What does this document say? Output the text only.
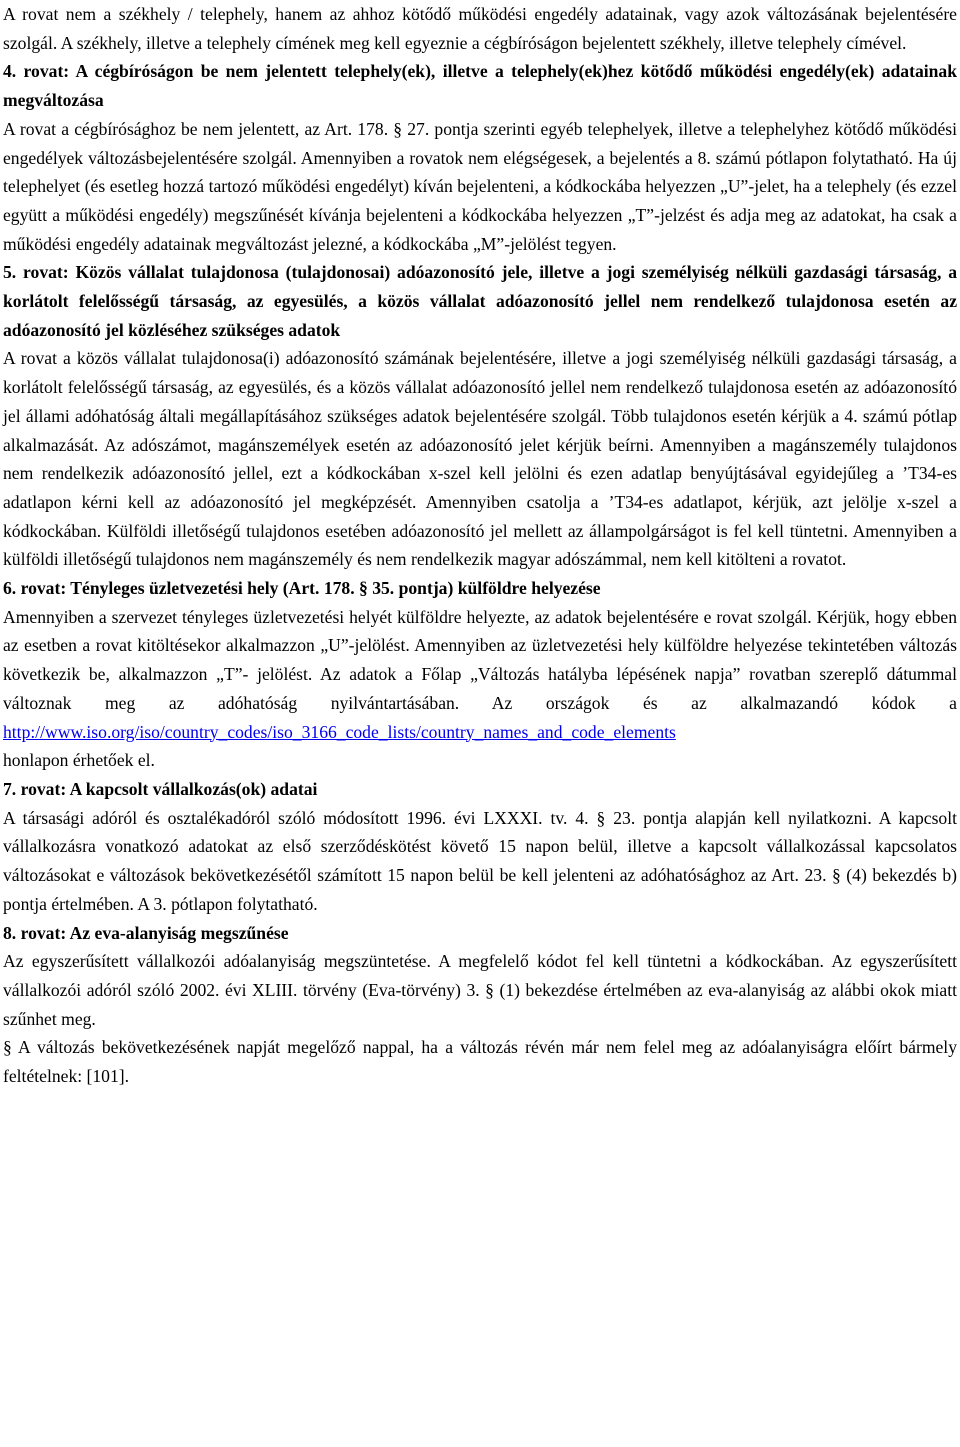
A rovat nem a székhely / telephely, hanem az ahhoz kötődő működési engedély adatainak, vagy azok változásának bejelentésére szolgál. A székhely, illetve a telephely címének meg kell egyeznie a cégbíróságon bejelentett székhely, illetve telephely címével.

4. rovat: A cégbíróságon be nem jelentett telephely(ek), illetve a telephely(ek)hez kötődő működési engedély(ek) adatainak megváltozása

A rovat a cégbírósághoz be nem jelentett, az Art. 178. § 27. pontja szerinti egyéb telephelyek, illetve a telephelyhez kötődő működési engedélyek változásbejelentésére szolgál. Amennyiben a rovatok nem elégségesek, a bejelentés a 8. számú pótlapon folytatható. Ha új telephelyet (és esetleg hozzá tartozó működési engedélyt) kíván bejelenteni, a kódkockába helyezzen „U”-jelet, ha a telephely (és ezzel együtt a működési engedély) megszűnését kívánja bejelenteni a kódkockába helyezzen „T”-jelzést és adja meg az adatokat, ha csak a működési engedély adatainak megváltozást jelezné, a kódkockába „M”-jelölést tegyen.

5. rovat: Közös vállalat tulajdonosa (tulajdonosai) adóazonosító jele, illetve a jogi személyiség nélküli gazdasági társaság, a korlátolt felelősségű társaság, az egyesülés, a közös vállalat adóazonosító jellel nem rendelkező tulajdonosa esetén az adóazonosító jel közléséhez szükséges adatok

A rovat a közös vállalat tulajdonosa(i) adóazonosító számának bejelentésére, illetve a jogi személyiség nélküli gazdasági társaság, a korlátolt felelősségű társaság, az egyesülés, és a közös vállalat adóazonosító jellel nem rendelkező tulajdonosa esetén az adóazonosító jel állami adóhatóság általi megállapításához szükséges adatok bejelentésére szolgál. Több tulajdonos esetén kérjük a 4. számú pótlap alkalmazását. Az adószámot, magánszemélyek esetén az adóazonosító jelet kérjük beírni. Amennyiben a magánszemély tulajdonos nem rendelkezik adóazonosító jellel, ezt a kódkockában x-szel kell jelölni és ezen adatlap benyújtásával egyidejűleg a ’T34-es adatlapon kérni kell az adóazonosító jel megképzését. Amennyiben csatolja a ’T34-es adatlapot, kérjük, azt jelölje x-szel a kódkockában. Külföldi illetőségű tulajdonos esetében adóazonosító jel mellett az állampolgárságot is fel kell tüntetni. Amennyiben a külföldi illetőségű tulajdonos nem magánszemély és nem rendelkezik magyar adószámmal, nem kell kitölteni a rovatot.

6. rovat: Tényleges üzletvezetési hely (Art. 178. § 35. pontja) külföldre helyezése

Amennyiben a szervezet tényleges üzletvezetési helyét külföldre helyezte, az adatok bejelentésére e rovat szolgál. Kérjük, hogy ebben az esetben a rovat kitöltésekor alkalmazzon „U”-jelölést. Amennyiben az üzletvezetési hely külföldre helyezése tekintetében változás következik be, alkalmazzon „T”- jelölést. Az adatok a Főlap „Változás hatályba lépésének napja” rovatban szereplő dátummal változnak meg az adóhatóság nyilvántartásában. Az országok és az alkalmazandó kódok a

http://www.iso.org/iso/country_codes/iso_3166_code_lists/country_names_and_code_elements

honlapon érhetőek el.

7. rovat: A kapcsolt vállalkozás(ok) adatai

A társasági adóról és osztalékadóról szóló módosított 1996. évi LXXXI. tv. 4. § 23. pontja alapján kell nyilatkozni. A kapcsolt vállalkozásra vonatkozó adatokat az első szerződéskötést követő 15 napon belül, illetve a kapcsolt vállalkozással kapcsolatos változásokat e változások bekövetkezésétől számított 15 napon belül be kell jelenteni az adóhatósághoz az Art. 23. § (4) bekezdés b) pontja értelmében. A 3. pótlapon folytatható.

8. rovat: Az eva-alanyiság megszűnése

Az egyszerűsített vállalkozói adóalanyiság megszüntetése. A megfelelő kódot fel kell tüntetni a kódkockában. Az egyszerűsített vállalkozói adóról szóló 2002. évi XLIII. törvény (Eva-törvény) 3. § (1) bekezdése értelmében az eva-alanyiság az alábbi okok miatt szűnhet meg.

§ A változás bekövetkezésének napját megelőző nappal, ha a változás révén már nem felel meg az adóalanyiságra előírt bármely feltételnek: [101].
